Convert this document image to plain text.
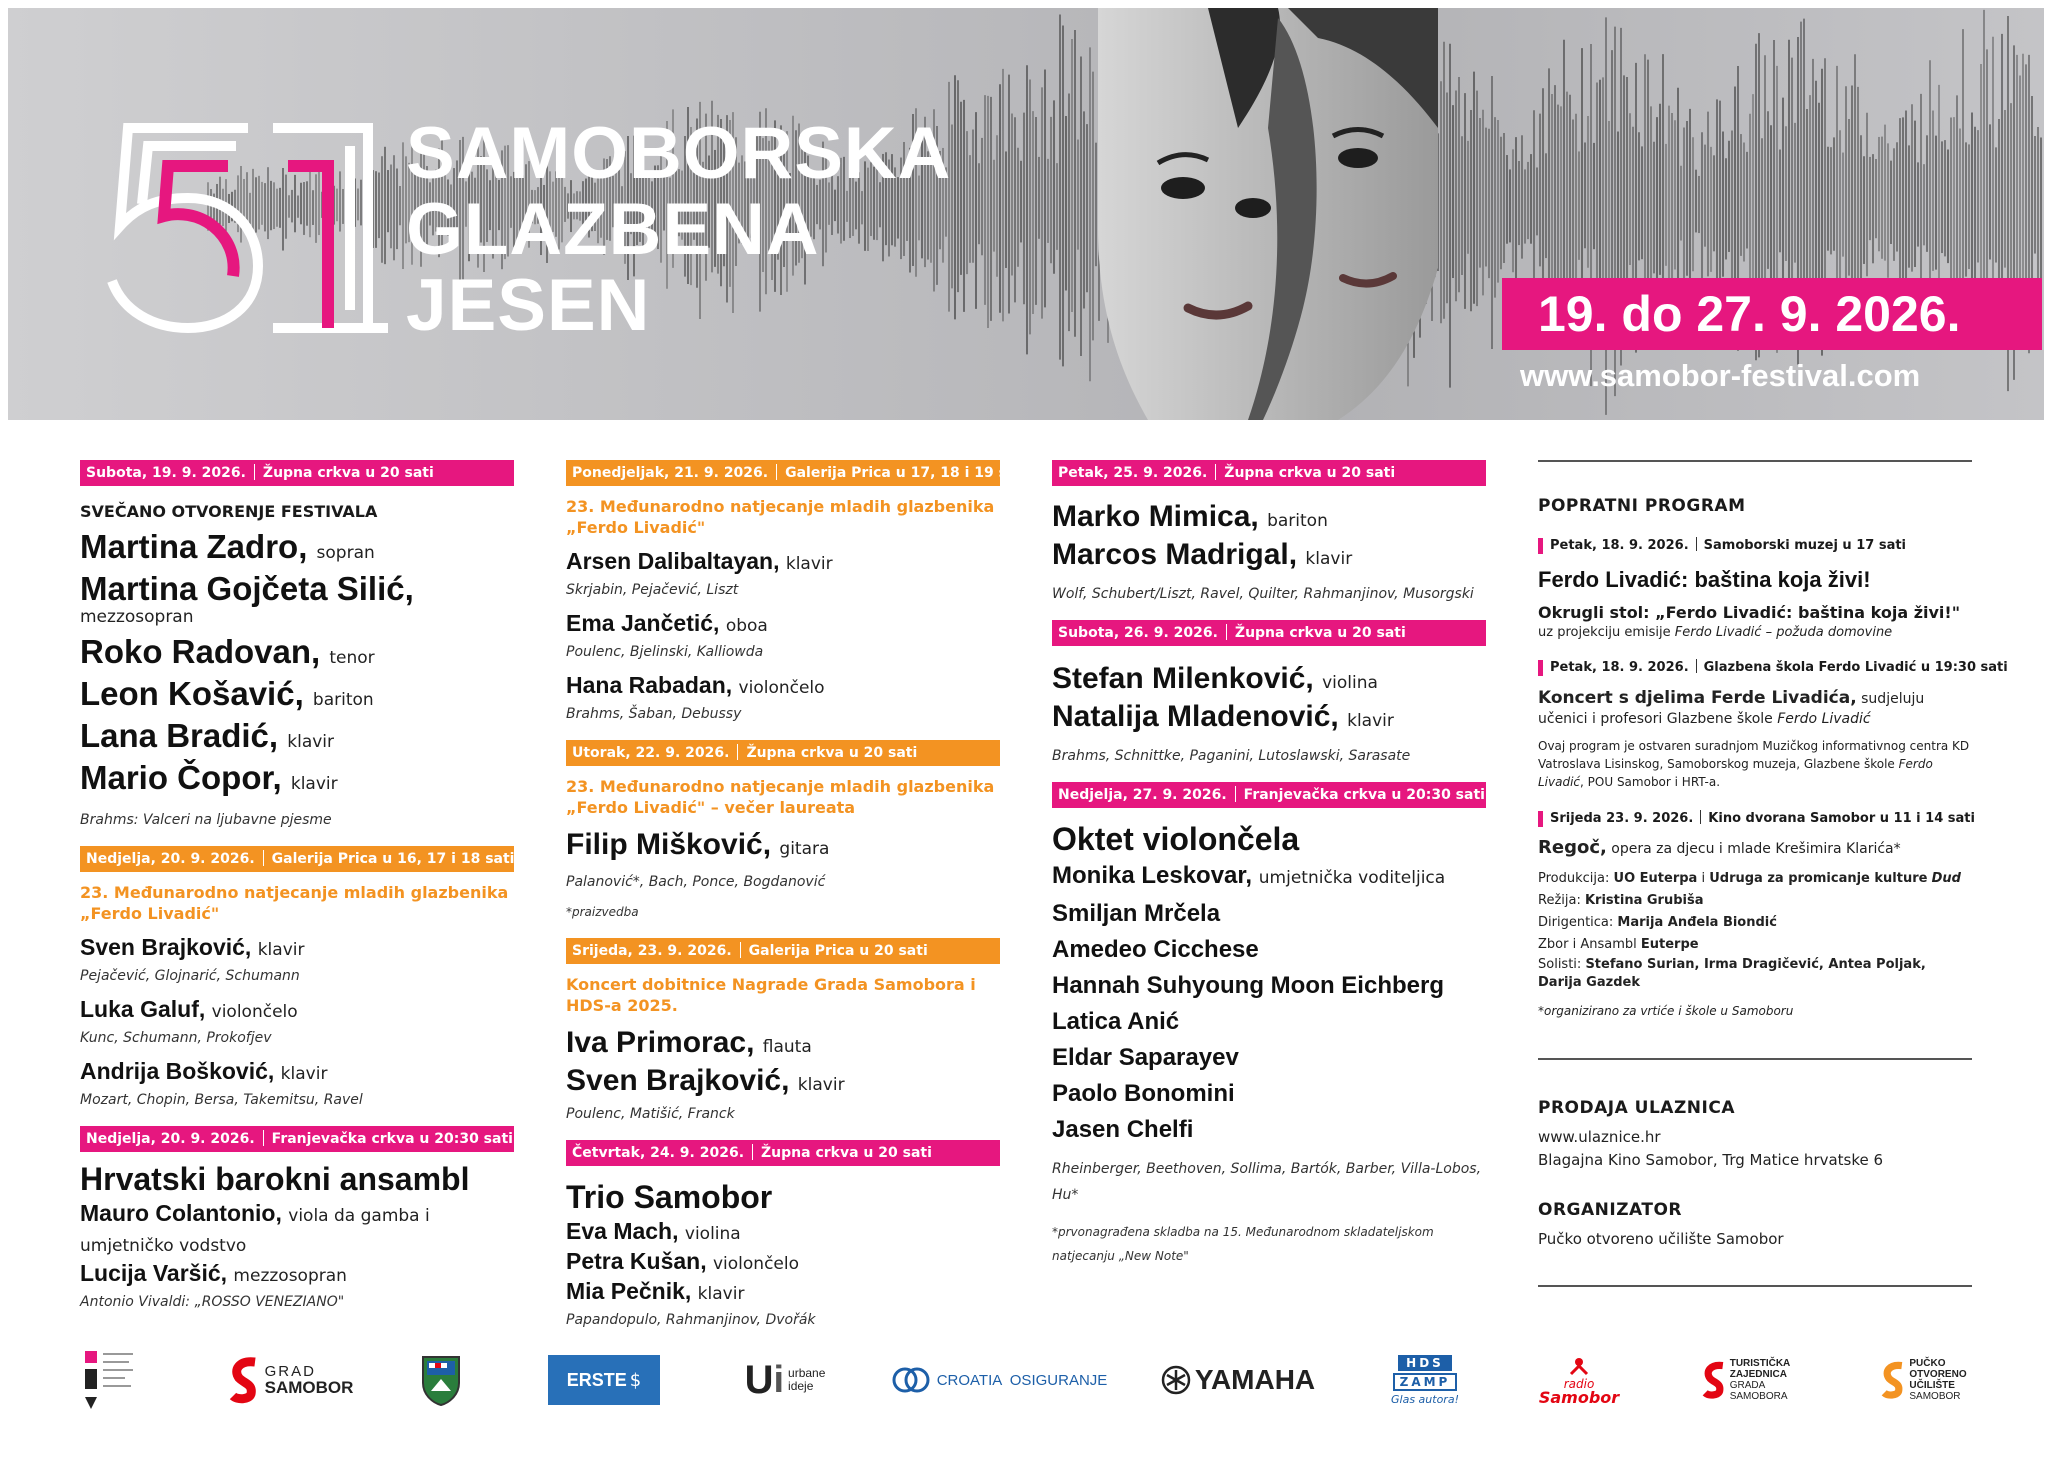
SAMOBORSKA
GLAZBENA
JESEN	19. do 27. 9. 2026.
www.samobor-festival.com
Subota, 19. 9. 2026. Župna crkva u 20 sati
SVEČANO OTVORENJE FESTIVALA
Martina Zadro, sopran
Martina Gojčeta Silić,
mezzosopran
Roko Radovan, tenor
Leon Košavić, bariton
Lana Bradić, klavir
Mario Čopor, klavir
Brahms: Valceri na ljubavne pjesme
Nedjelja, 20. 9. 2026. Galerija Prica u 16, 17 i 18 sati
23. Međunarodno natjecanje mladih glazbenika
„Ferdo Livadić"
Sven Brajković, klavir
Pejačević, Glojnarić, Schumann
Luka Galuf, violončelo
Kunc, Schumann, Prokofjev
Andrija Bošković, klavir
Mozart, Chopin, Bersa, Takemitsu, Ravel
Nedjelja, 20. 9. 2026. Franjevačka crkva u 20:30 sati
Hrvatski barokni ansambl
Mauro Colantonio, viola da gamba i umjetničko vodstvo
Lucija Varšić, mezzosopran
Antonio Vivaldi: „ROSSO VENEZIANO"
Ponedjeljak, 21. 9. 2026. Galerija Prica u 17, 18 i 19 sati
23. Međunarodno natjecanje mladih glazbenika
„Ferdo Livadić"
Arsen Dalibaltayan, klavir
Skrjabin, Pejačević, Liszt
Ema Jančetić, oboa
Poulenc, Bjelinski, Kalliowda
Hana Rabadan, violončelo
Brahms, Šaban, Debussy
Utorak, 22. 9. 2026. Župna crkva u 20 sati
23. Međunarodno natjecanje mladih glazbenika
„Ferdo Livadić" – večer laureata
Filip Mišković, gitara
Palanović*, Bach, Ponce, Bogdanović
*praizvedba
Srijeda, 23. 9. 2026. Galerija Prica u 20 sati
Koncert dobitnice Nagrade Grada Samobora i
HDS-a 2025.
Iva Primorac, flauta
Sven Brajković, klavir
Poulenc, Matišić, Franck
Četvrtak, 24. 9. 2026. Župna crkva u 20 sati
Trio Samobor
Eva Mach, violina
Petra Kušan, violončelo
Mia Pečnik, klavir
Papandopulo, Rahmanjinov, Dvořák
Petak, 25. 9. 2026. Župna crkva u 20 sati
Marko Mimica, bariton
Marcos Madrigal, klavir
Wolf, Schubert/Liszt, Ravel, Quilter, Rahmanjinov, Musorgski
Subota, 26. 9. 2026. Župna crkva u 20 sati
Stefan Milenković, violina
Natalija Mladenović, klavir
Brahms, Schnittke, Paganini, Lutoslawski, Sarasate
Nedjelja, 27. 9. 2026. Franjevačka crkva u 20:30 sati
Oktet violončela
Monika Leskovar, umjetnička voditeljica
Smiljan Mrčela
Amedeo Cicchese
Hannah Suhyoung Moon Eichberg
Latica Anić
Eldar Saparayev
Paolo Bonomini
Jasen Chelfi
Rheinberger, Beethoven, Sollima, Bartók, Barber, Villa-Lobos, Hu*
*prvonagrađena skladba na 15. Međunarodnom skladateljskom natjecanju „New Note"
POPRATNI PROGRAM
Petak, 18. 9. 2026. Samoborski muzej u 17 sati
Ferdo Livadić: baština koja živi!
Okrugli stol: „Ferdo Livadić: baština koja živi!"
uz projekciju emisije Ferdo Livadić – požuda domovine
Petak, 18. 9. 2026. Glazbena škola Ferdo Livadić u 19:30 sati
Koncert s djelima Ferde Livadića, sudjeluju učenici i profesori Glazbene škole Ferdo Livadić
Ovaj program je ostvaren suradnjom Muzičkog informativnog centra KD Vatroslava Lisinskog, Samoborskog muzeja, Glazbene škole Ferdo Livadić, POU Samobor i HRT-a.
Srijeda 23. 9. 2026. Kino dvorana Samobor u 11 i 14 sati
Regoč, opera za djecu i mlade Krešimira Klarića*
Produkcija: UO Euterpa i Udruga za promicanje kulture Dud
Režija: Kristina Grubiša
Dirigentica: Marija Anđela Biondić
Zbor i Ansambl Euterpe
Solisti: Stefano Surian, Irma Dragičević, Antea Poljak, Darija Gazdek
*organizirano za vrtiće i škole u Samoboru
PRODAJA ULAZNICA
www.ulaznice.hr
Blagajna Kino Samobor, Trg Matice hrvatske 6
ORGANIZATOR
Pučko otvoreno učilište Samobor
GRAD
SAMOBOR	ERSTE $	U i urbane
ideje	CROATIA  OSIGURANJE	YAMAHA
HDS
ZAMP
Glas autora!
radio Samobor
TURISTIČKA
ZAJEDNICA
GRADA
SAMOBORA
PUČKO
OTVORENO
UČILIŠTE
SAMOBOR
